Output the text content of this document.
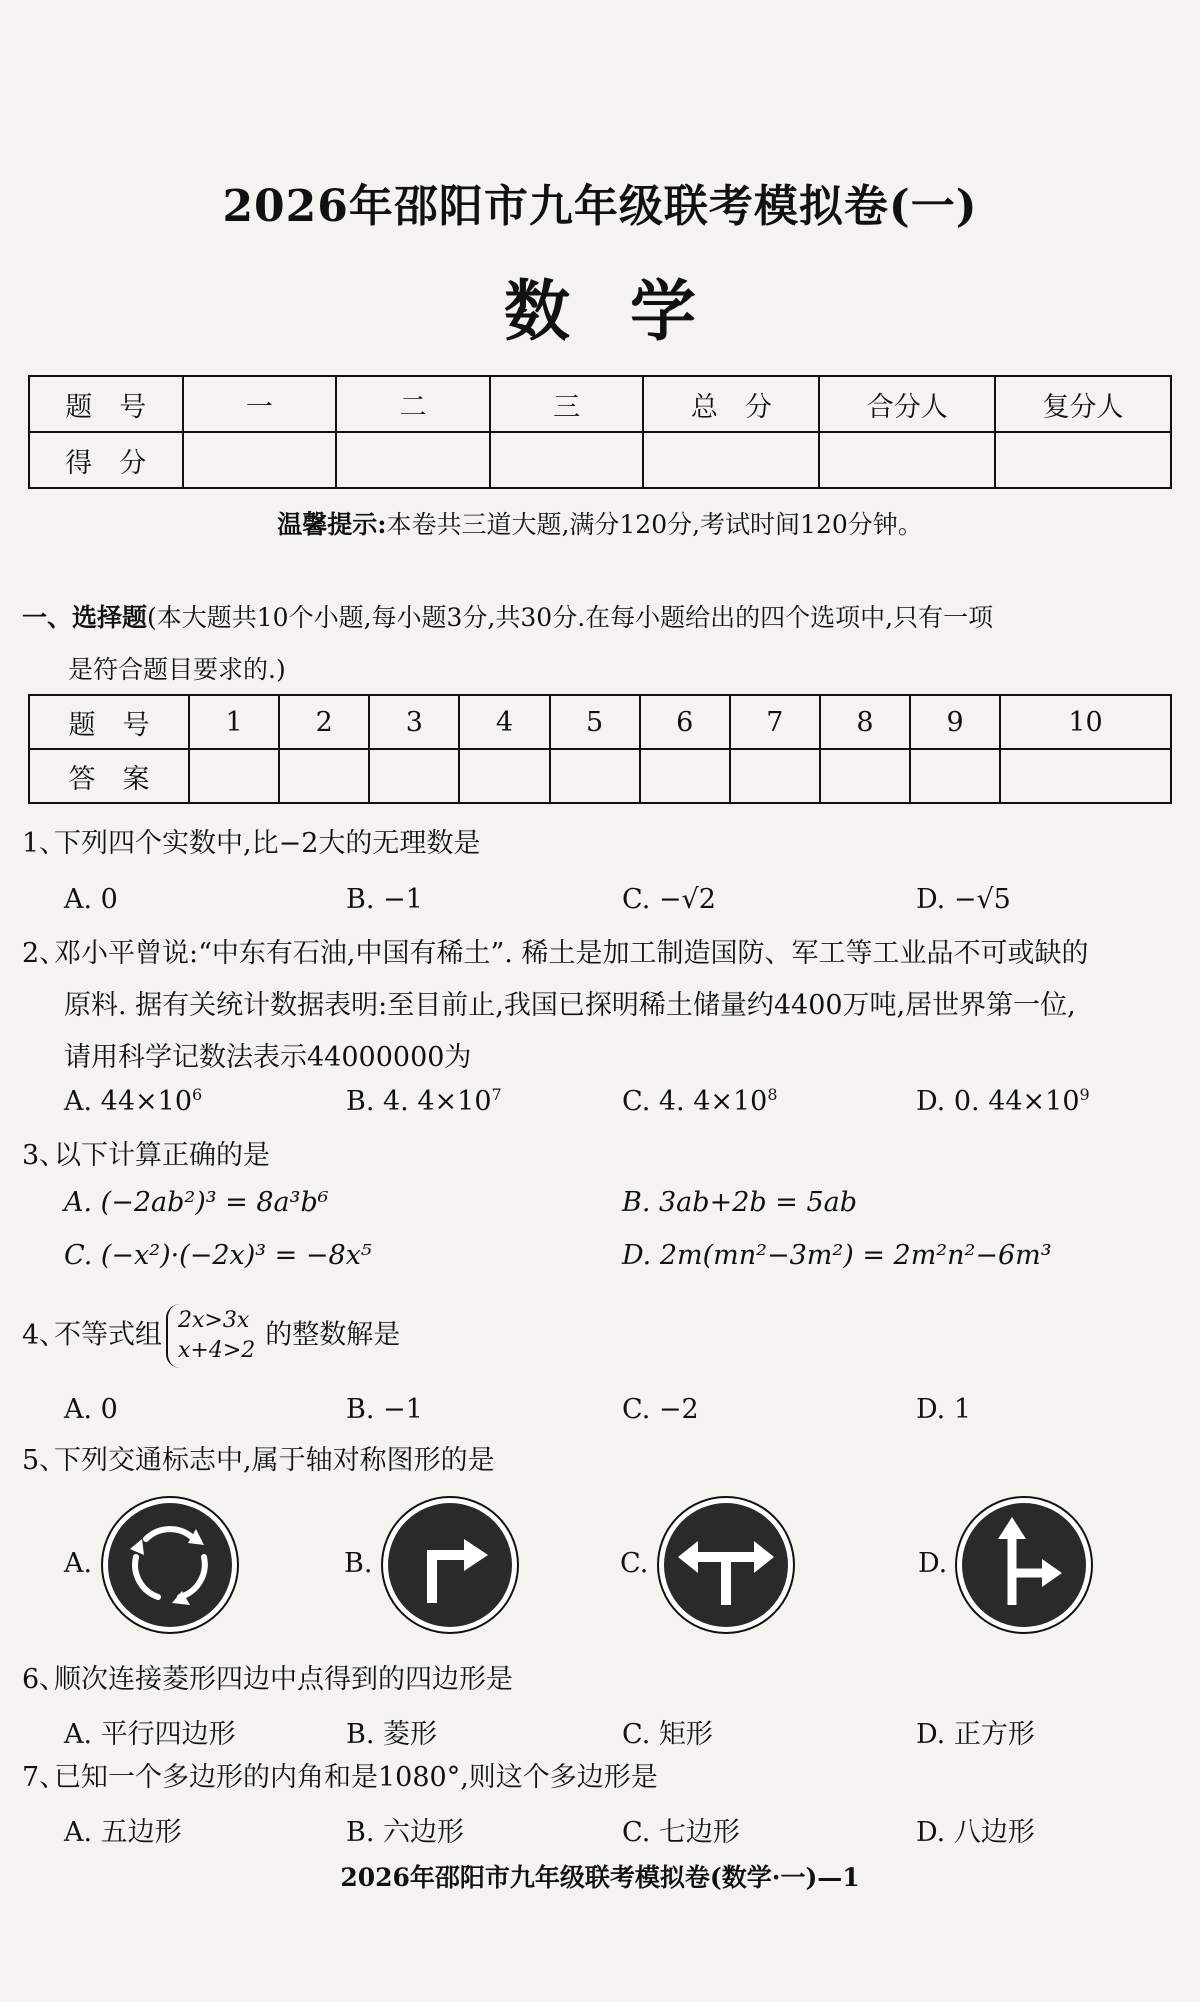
2026年邵阳市九年级联考模拟卷(一)
数学
题　号	一	二	三	总　分	合分人	复分人
得　分						
温馨提示:本卷共三道大题,满分120分,考试时间120分钟。
一、选择题(本大题共10个小题,每小题3分,共30分.在每小题给出的四个选项中,只有一项
是符合题目要求的.)
题　号	1	2	3	4	5	6	7	8	9	10
答　案										
1、下列四个实数中,比−2大的无理数是
A. 0	B. −1	C. −√2	D. −√5
2、邓小平曾说:“中东有石油,中国有稀土”. 稀土是加工制造国防、军工等工业品不可或缺的
原料. 据有关统计数据表明:至目前止,我国已探明稀土储量约4400万吨,居世界第一位,
请用科学记数法表示44000000为
A. $44\times 10^6$	B. 4. $4\times 10^7$	C. 4. $4\times 10^8$	D. 0. $44\times 10^9$
3、以下计算正确的是
A. (−2ab²)³ = 8a³b⁶	B. 3ab+2b = 5ab
C. (−x²)·(−2x)³ = −8x⁵	D. 2m(mn²−3m²) = 2m²n²−6m³
4、不等式组 2x>3x
x+4>2 的整数解是
A. 0	B. −1	C. −2	D. 1
5、下列交通标志中,属于轴对称图形的是
A.	B.	C.	D.
6、顺次连接菱形四边中点得到的四边形是
A. 平行四边形	B. 菱形	C. 矩形	D. 正方形
7、已知一个多边形的内角和是1080°,则这个多边形是
A. 五边形	B. 六边形	C. 七边形	D. 八边形
2026年邵阳市九年级联考模拟卷(数学·一)—1
